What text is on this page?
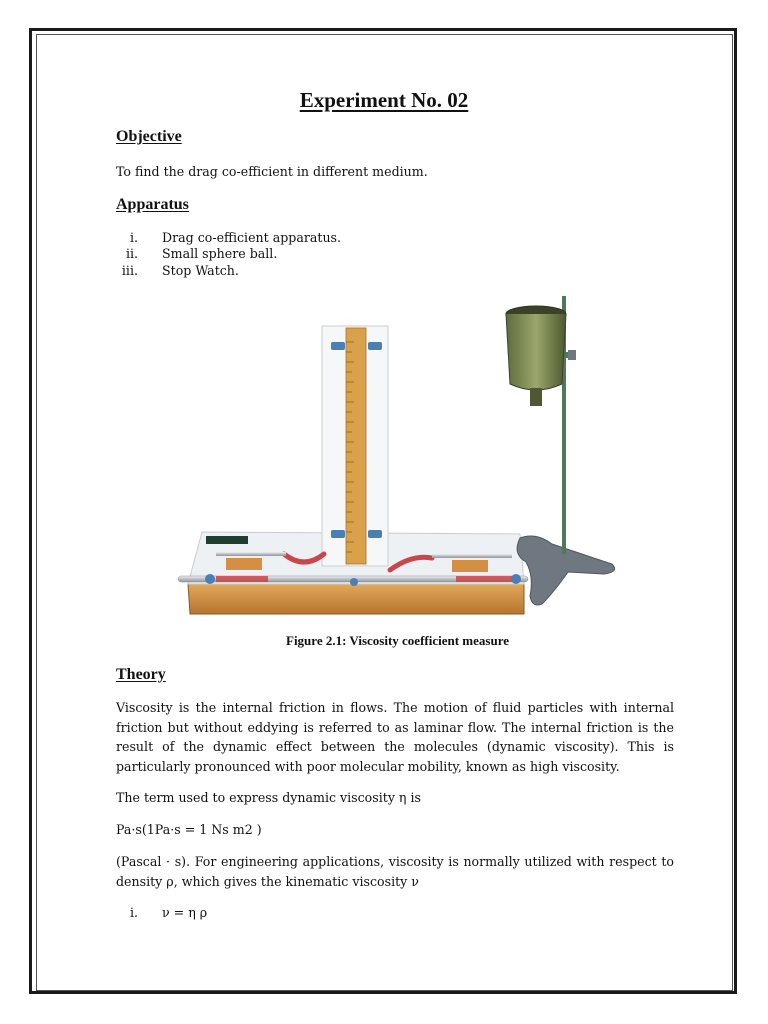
Experiment No. 02
Objective
To find the drag co-efficient in different medium.
Apparatus
i. Drag co-efficient apparatus.
ii. Small sphere ball.
iii. Stop Watch.
Figure 2.1: Viscosity coefficient measure
Theory
Viscosity is the internal friction in flows. The motion of fluid particles with internal friction but without eddying is referred to as laminar flow. The internal friction is the result of the dynamic effect between the molecules (dynamic viscosity). This is particularly pronounced with poor molecular mobility, known as high viscosity.
The term used to express dynamic viscosity η is
Pa·s(1Pa·s = 1 Ns m2 )
(Pascal · s). For engineering applications, viscosity is normally utilized with respect to density ρ, which gives the kinematic viscosity ν
i. ν = η ρ
